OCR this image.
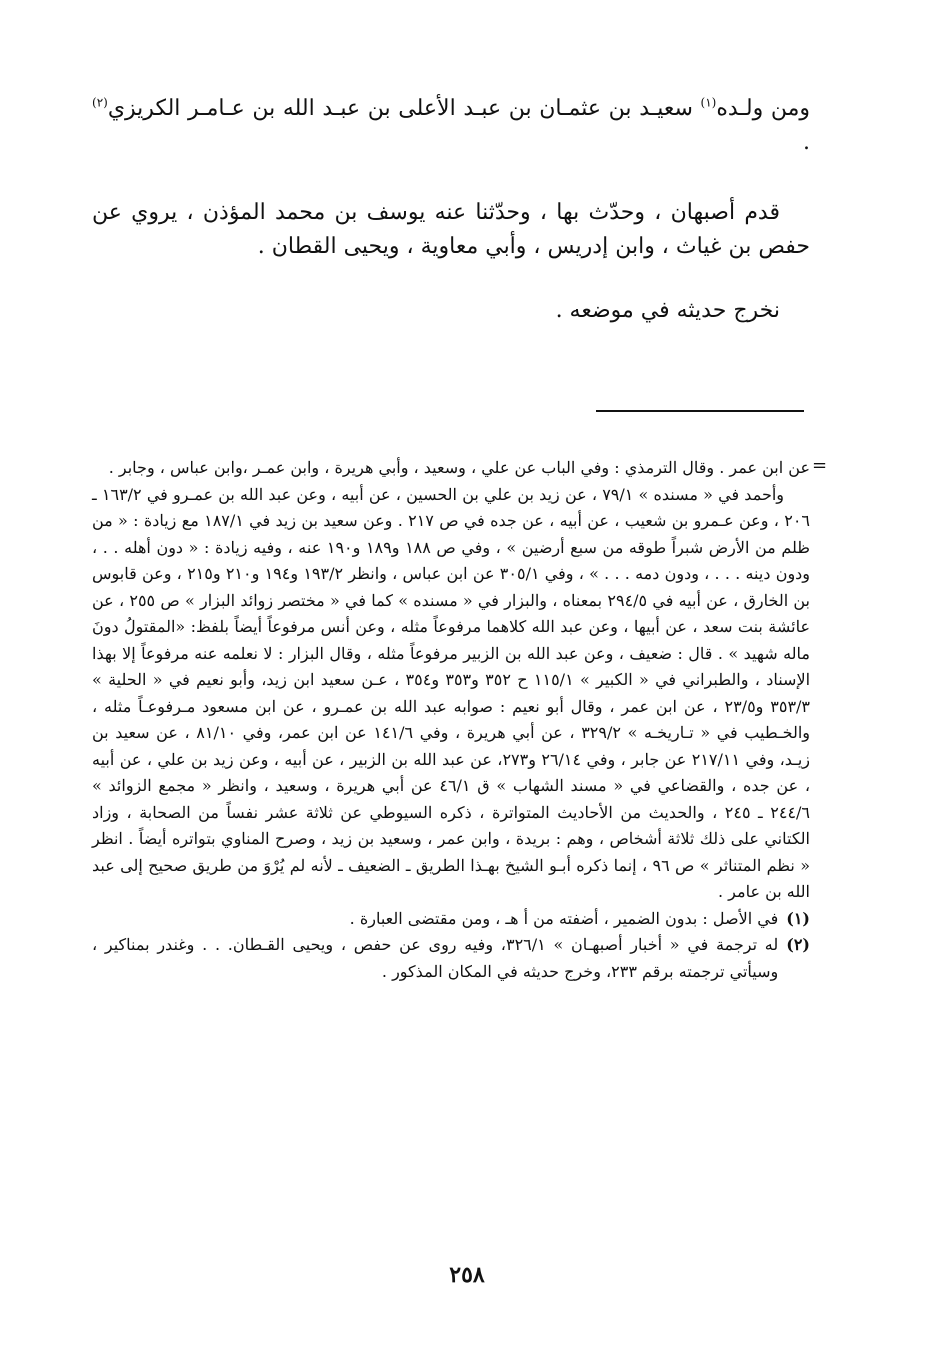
ومن ولـده$^{(١)}$ سعيـد بن عثمـان بن عبـد الأعلى بن عبـد الله بن عـامـر الكريزي$^{(٢)}$ .

قدم أصبهان ، وحدّث بها ، وحدّثنا عنه يوسف بن محمد المؤذن ، يروي عن حفص بن غياث ، وابن إدريس ، وأبي معاوية ، ويحيى القطان .

نخرج حديثه في موضعه .

=

عن ابن عمر . وقال الترمذي : وفي الباب عن علي ، وسعيد ، وأبي هريرة ، وابن عمـر ،وابن عباس ، وجابر .

وأحمد في « مسنده » ٧٩/١ ، عن زيد بن علي بن الحسين ، عن أبيه ، وعن عبد الله بن عمـرو في ١٦٣/٢ ـ ٢٠٦ ، وعن عـمرو بن شعيب ، عن أبيه ، عن جده في ص ٢١٧ . وعن سعيد بن زيد في ١٨٧/١ مع زيادة : « من ظلم من الأرض شبراً طوقه من سبع أرضين » ، وفي ص ١٨٨ و١٨٩ و١٩٠ عنه ، وفيه زيادة : « دون أهله . . ، ودون دينه . . . ، ودون دمه . . . » ، وفي ٣٠٥/١ عن ابن عباس ، وانظر ١٩٣/٢ و١٩٤ و٢١٠ و٢١٥ ، وعن قابوس بن الخارق ، عن أبيه في ٢٩٤/٥ بمعناه ، والبزار في « مسنده » كما في « مختصر زوائد البزار » ص ٢٥٥ ، عن عائشة بنت سعد ، عن أبيها ، وعن عبد الله كلاهما مرفوعاً مثله ، وعن أنس مرفوعاً أيضاً بلفظ: «المقتولُ دونَ ماله شهيد » . قال : ضعيف ، وعن عبد الله بن الزبير مرفوعاً مثله ، وقال البزار : لا نعلمه عنه مرفوعاً إلا بهذا الإسناد ، والطبراني في « الكبير » ١١٥/١ ح ٣٥٢ و٣٥٣ و٣٥٤ ، عـن سعيد ابن زيد، وأبو نعيم في « الحلية » ٣٥٣/٣ و٢٣/٥ ، عن ابن عمر ، وقال أبو نعيم : صوابه عبد الله بن عمـرو ، عن ابن مسعود مـرفوعـاً مثله ، والخـطيب في « تـاريخـه » ٣٢٩/٢ ، عن أبي هريرة ، وفي ١٤١/٦ عن ابن عمر، وفي ٨١/١٠ ، عن سعيد بن زيـد، وفي ٢١٧/١١ عن جابر ، وفي ٢٦/١٤ و٢٧٣، عن عبد الله بن الزبير ، عن أبيه ، وعن زيد بن علي ، عن أبيه ، عن جده ، والقضاعي في « مسند الشهاب » ق ٤٦/١ عن أبي هريرة ، وسعيد ، وانظر « مجمع الزوائد » ٢٤٤/٦ ـ ٢٤٥ ، والحديث من الأحاديث المتواترة ، ذكره السيوطي عن ثلاثة عشر نفساً من الصحابة ، وزاد الكتاني على ذلك ثلاثة أشخاص ، وهم : بريدة ، وابن عمر ، وسعيد بن زيد ، وصرح المناوي بتواتره أيضاً . انظر « نظم المتناثر » ص ٩٦ ، إنما ذكره أبـو الشيخ بهـذا الطريق ـ الضعيف ـ لأنه لم يُرْوَ من طريق صحيح إلى عبد الله بن عامر .

(١)
في الأصل : بدون الضمير ، أضفته من أ هـ ، ومن مقتضى العبارة .
(٢)
له ترجمة في « أخبار أصبهـان » ٣٢٦/١، وفيه روى عن حفص ، ويحيى القـطان. . . وغندر بمناكير ، وسيأتي ترجمته برقم ٢٣٣، وخرج حديثه في المكان المذكور .
٢٥٨
